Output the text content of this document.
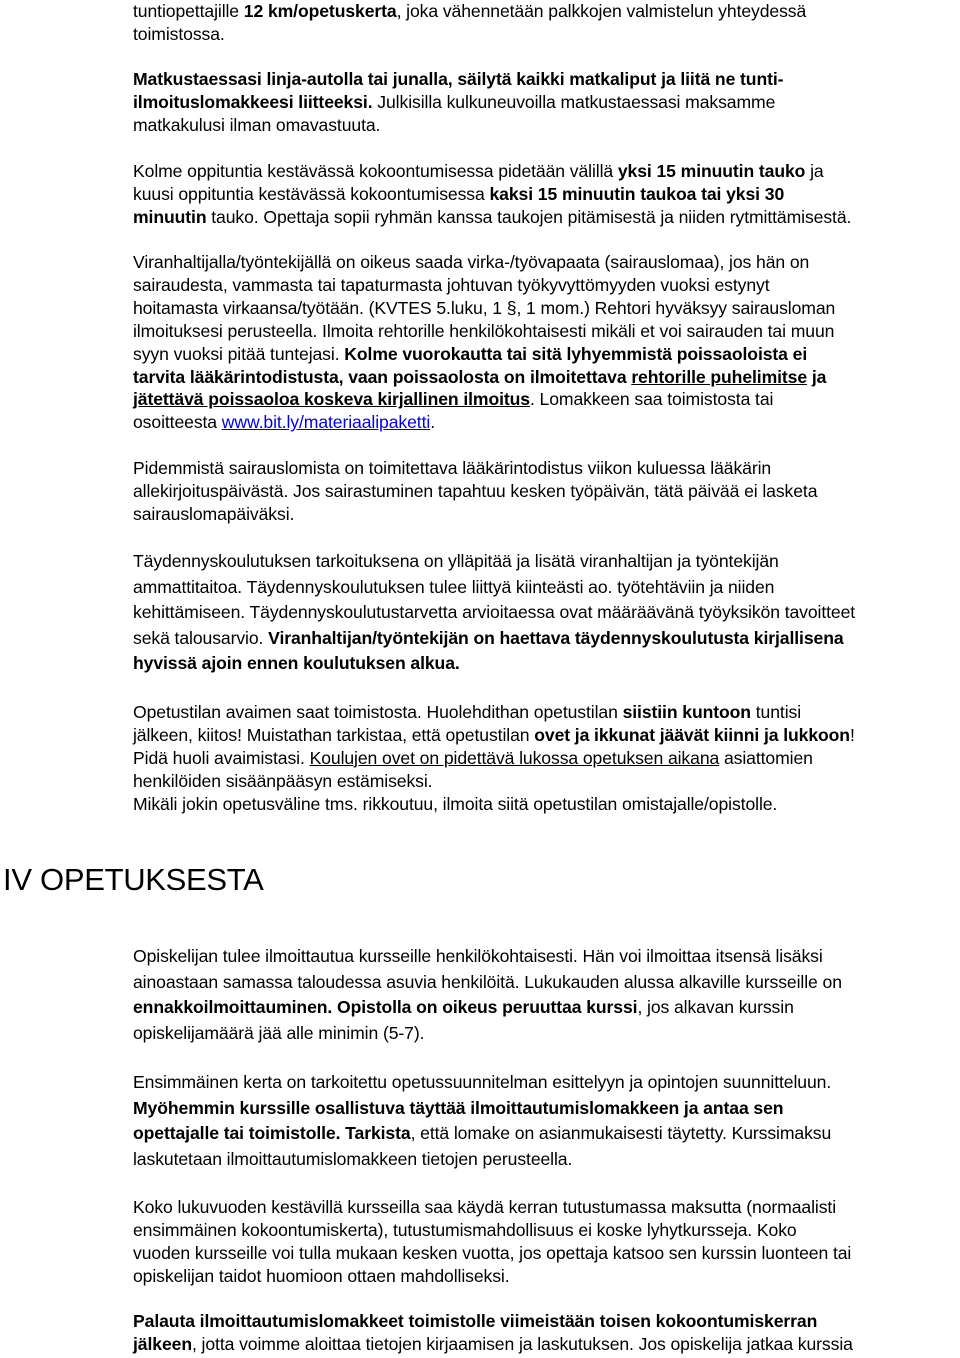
tuntiopettajille 12 km/opetuskerta, joka vähennetään palkkojen valmistelun yhteydessä
toimistossa.
Matkustaessasi linja-autolla tai junalla, säilytä kaikki matkaliput ja liitä ne tunti-
ilmoituslomakkeesi liitteeksi. Julkisilla kulkuneuvoilla matkustaessasi maksamme
matkakulusi ilman omavastuuta.
Kolme oppituntia kestävässä kokoontumisessa pidetään välillä yksi 15 minuutin tauko ja
kuusi oppituntia kestävässä kokoontumisessa kaksi 15 minuutin taukoa tai yksi 30
minuutin tauko. Opettaja sopii ryhmän kanssa taukojen pitämisestä ja niiden rytmittämisestä.
Viranhaltijalla/työntekijällä on oikeus saada virka-/työvapaata (sairauslomaa), jos hän on
sairaudesta, vammasta tai tapaturmasta johtuvan työkyvyttömyyden vuoksi estynyt
hoitamasta virkaansa/työtään. (KVTES 5.luku, 1 §, 1 mom.) Rehtori hyväksyy sairausloman
ilmoituksesi perusteella. Ilmoita rehtorille henkilökohtaisesti mikäli et voi sairauden tai muun
syyn vuoksi pitää tuntejasi. Kolme vuorokautta tai sitä lyhyemmistä poissaoloista ei
tarvita lääkärintodistusta, vaan poissaolosta on ilmoitettava rehtorille puhelimitse ja
jätettävä poissaoloa koskeva kirjallinen ilmoitus. Lomakkeen saa toimistosta tai
osoitteesta www.bit.ly/materiaalipaketti.
Pidemmistä sairauslomista on toimitettava lääkärintodistus viikon kuluessa lääkärin
allekirjoituspäivästä. Jos sairastuminen tapahtuu kesken työpäivän, tätä päivää ei lasketa
sairauslomapäiväksi.
Täydennyskoulutuksen tarkoituksena on ylläpitää ja lisätä viranhaltijan ja työntekijän
ammattitaitoa. Täydennyskoulutuksen tulee liittyä kiinteästi ao. työtehtäviin ja niiden
kehittämiseen. Täydennyskoulutustarvetta arvioitaessa ovat määräävänä työyksikön tavoitteet
sekä talousarvio. Viranhaltijan/työntekijän on haettava täydennyskoulutusta kirjallisena
hyvissä ajoin ennen koulutuksen alkua.
Opetustilan avaimen saat toimistosta. Huolehdithan opetustilan siistiin kuntoon tuntisi
jälkeen, kiitos! Muistathan tarkistaa, että opetustilan ovet ja ikkunat jäävät kiinni ja lukkoon!
Pidä huoli avaimistasi. Koulujen ovet on pidettävä lukossa opetuksen aikana asiattomien
henkilöiden sisäänpääsyn estämiseksi.
Mikäli jokin opetusväline tms. rikkoutuu, ilmoita siitä opetustilan omistajalle/opistolle.
IV OPETUKSESTA
Opiskelijan tulee ilmoittautua kursseille henkilökohtaisesti. Hän voi ilmoittaa itsensä lisäksi
ainoastaan samassa taloudessa asuvia henkilöitä. Lukukauden alussa alkaville kursseille on
ennakkoilmoittauminen. Opistolla on oikeus peruuttaa kurssi, jos alkavan kurssin
opiskelijamäärä jää alle minimin (5-7).
Ensimmäinen kerta on tarkoitettu opetussuunnitelman esittelyyn ja opintojen suunnitteluun.
Myöhemmin kurssille osallistuva täyttää ilmoittautumislomakkeen ja antaa sen
opettajalle tai toimistolle. Tarkista, että lomake on asianmukaisesti täytetty. Kurssimaksu
laskutetaan ilmoittautumislomakkeen tietojen perusteella.
Koko lukuvuoden kestävillä kursseilla saa käydä kerran tutustumassa maksutta (normaalisti
ensimmäinen kokoontumiskerta), tutustumismahdollisuus ei koske lyhytkursseja. Koko
vuoden kursseille voi tulla mukaan kesken vuotta, jos opettaja katsoo sen kurssin luonteen tai
opiskelijan taidot huomioon ottaen mahdolliseksi.
Palauta ilmoittautumislomakkeet toimistolle viimeistään toisen kokoontumiskerran
jälkeen, jotta voimme aloittaa tietojen kirjaamisen ja laskutuksen. Jos opiskelija jatkaa kurssia
